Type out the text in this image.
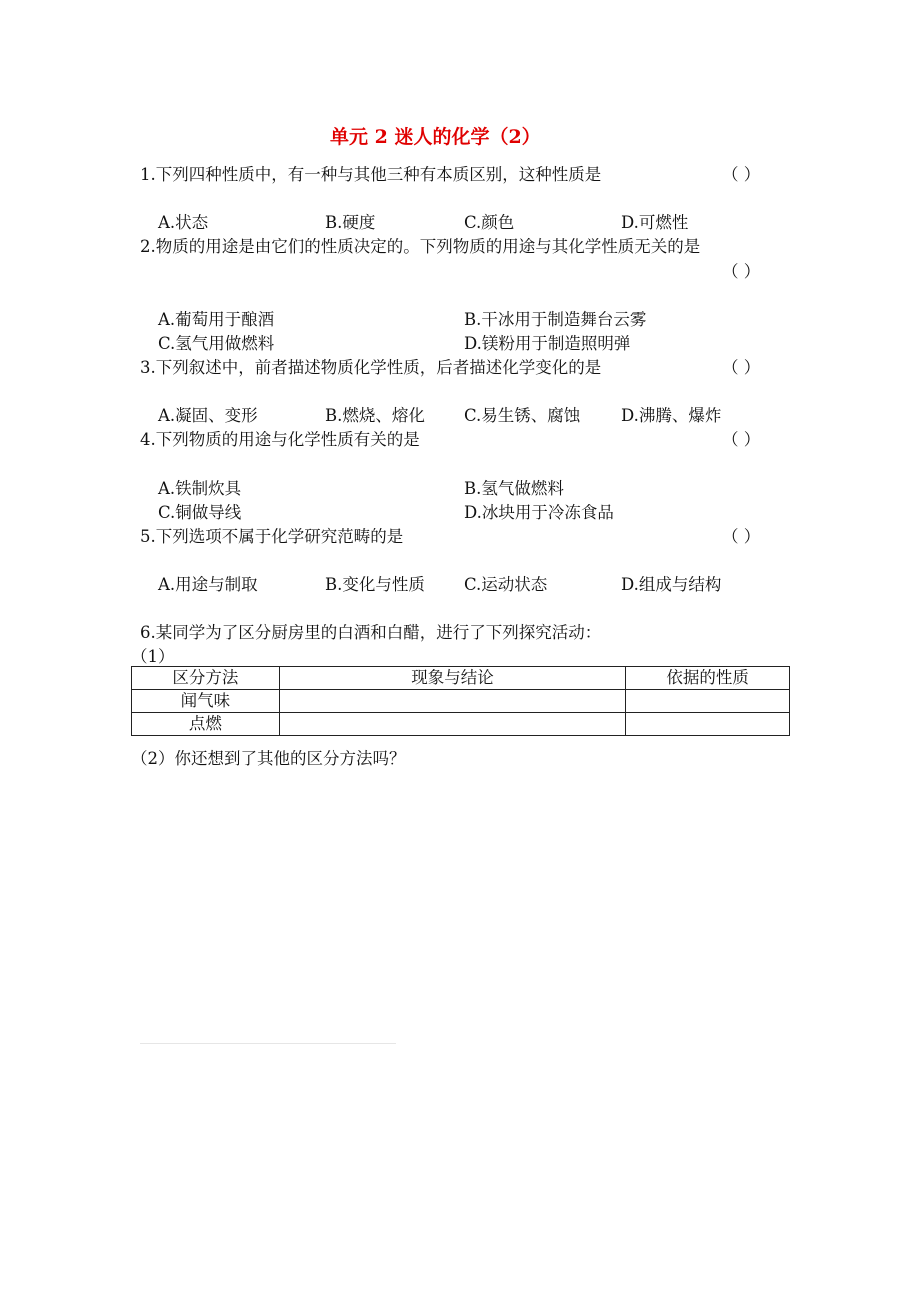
单元 2 迷人的化学（2）
1.下列四种性质中，有一种与其他三种有本质区别，这种性质是	（ ）
A.状态	B.硬度	C.颜色	D.可燃性
2.物质的用途是由它们的性质决定的。下列物质的用途与其化学性质无关的是
（ ）
A.葡萄用于酿酒	B.干冰用于制造舞台云雾
C.氢气用做燃料	D.镁粉用于制造照明弹
3.下列叙述中，前者描述物质化学性质，后者描述化学变化的是	（ ）
A.凝固、变形	B.燃烧、熔化 C.易生锈、腐蚀 D.沸腾、爆炸
4.下列物质的用途与化学性质有关的是	（ ）
A.铁制炊具	B.氢气做燃料
C.铜做导线	D.冰块用于冷冻食品
5.下列选项不属于化学研究范畴的是	（ ）
A.用途与制取	B.变化与性质 C.运动状态	D.组成与结构
6.某同学为了区分厨房里的白酒和白醋，进行了下列探究活动：
（1）
区分方法	现象与结论	依据的性质
闻气味		
点燃		
（2）你还想到了其他的区分方法吗？
